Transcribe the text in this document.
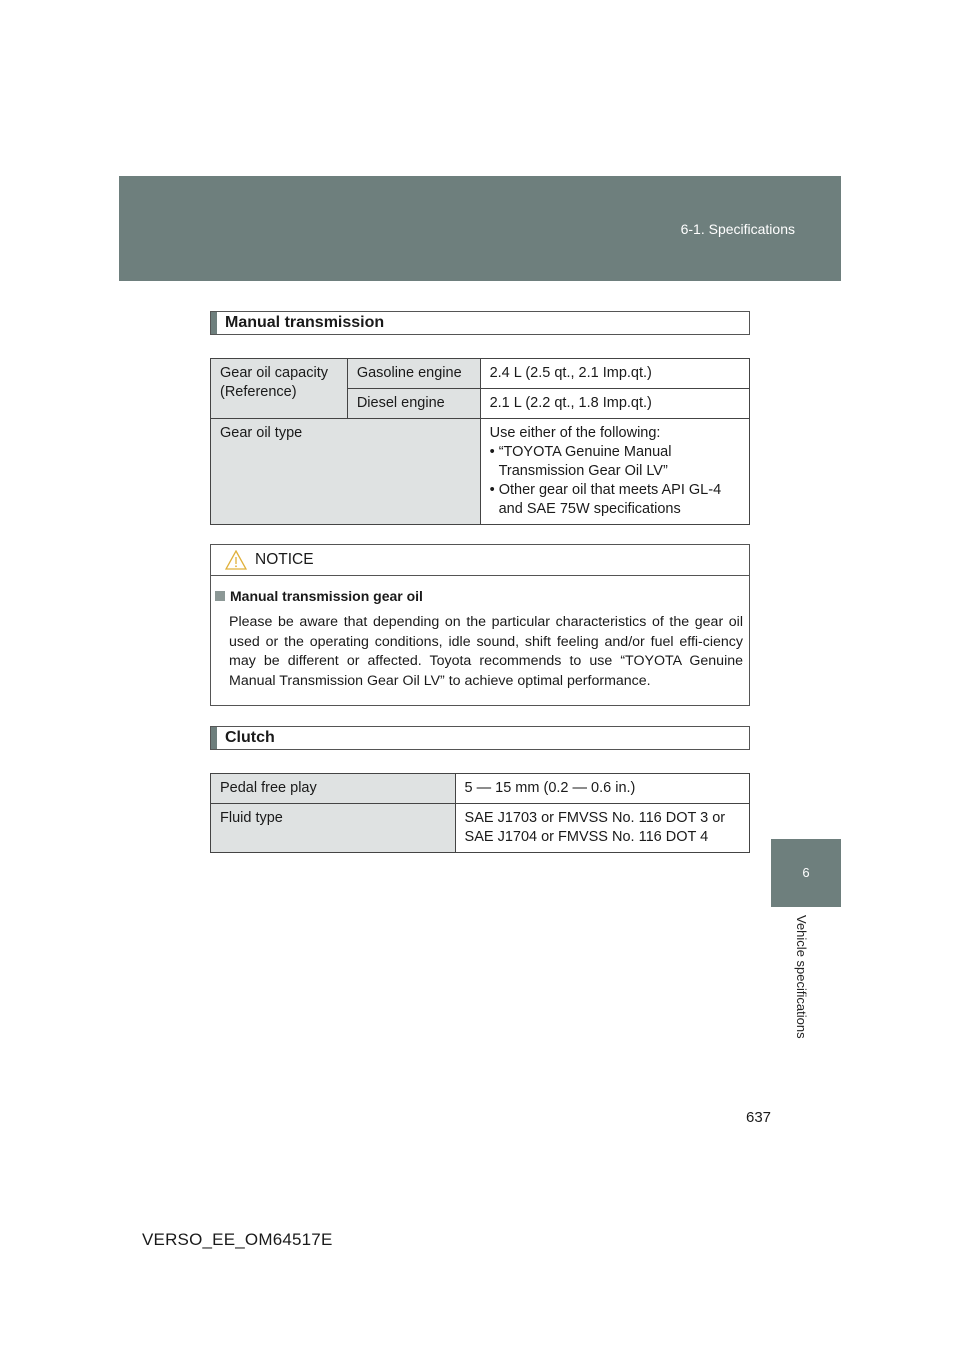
6-1. Specifications
Manual transmission
Gear oil capacity (Reference)	Gasoline engine	2.4 L (2.5 qt., 2.1 Imp.qt.)
	Diesel engine	2.1 L (2.2 qt., 1.8 Imp.qt.)
Gear oil type		Use either of the following:
• “TOYOTA Genuine Manual Transmission Gear Oil LV”
• Other gear oil that meets API GL-4 and SAE 75W specifications
NOTICE
Manual transmission gear oil
Please be aware that depending on the particular characteristics of the gear oil used or the operating conditions, idle sound, shift feeling and/or fuel effi-ciency may be different or affected. Toyota recommends to use “TOYOTA Genuine Manual Transmission Gear Oil LV” to achieve optimal performance.
Clutch
Pedal free play	5 — 15 mm (0.2 — 0.6 in.)
Fluid type	SAE J1703 or FMVSS No. 116 DOT 3 or SAE J1704 or FMVSS No. 116 DOT 4
6
Vehicle specifications
637
VERSO_EE_OM64517E
